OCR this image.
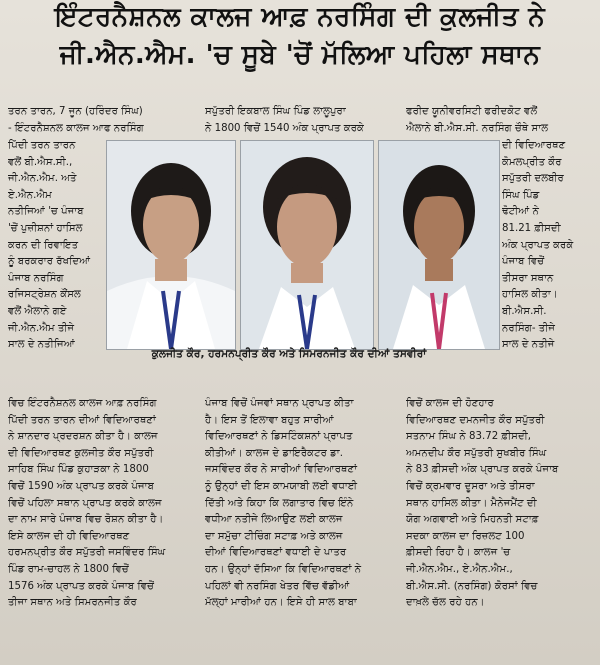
ਇੰਟਰਨੈਸ਼ਨਲ ਕਾਲਜ ਆਫ਼ ਨਰਸਿੰਗ ਦੀ ਕੁਲਜੀਤ ਨੇ
ਜੀ.ਐਨ.ਐਮ. 'ਚ ਸੂਬੇ 'ਚੋਂ ਮੱਲਿਆ ਪਹਿਲਾ ਸਥਾਨ
ਤਰਨ ਤਾਰਨ, 7 ਜੂਨ (ਹਰਿੰਦਰ ਸਿੰਘ)
- ਇੰਟਰਨੈਸ਼ਨਲ ਕਾਲਜ ਆਫ ਨਰਸਿੰਗ
ਸਪੁੱਤਰੀ ਇਕਬਾਲ ਸਿੰਘ ਪਿੰਡ ਲਾਲੂਪੁਰਾ
ਨੇ 1800 ਵਿਚੋਂ 1540 ਅੰਕ ਪ੍ਰਾਪਤ ਕਰਕੇ
ਫਰੀਦ ਯੂਨੀਵਰਸਿਟੀ ਫਰੀਦਕੋਟ ਵਲੋਂ
ਐਲਾਨੇ ਬੀ.ਐਸ.ਸੀ. ਨਰਸਿੰਗ ਚੌਥੇ ਸਾਲ
ਪਿੱਦੀ ਤਰਨ ਤਾਰਨ
ਵਲੋਂ ਬੀ.ਐਸ.ਸੀ.,
ਜੀ.ਐਨ.ਐਮ. ਅਤੇ
ਏ.ਐਨ.ਐਮ
ਨਤੀਜਿਆਂ 'ਚ ਪੰਜਾਬ
'ਚੋਂ ਪੁਜ਼ੀਸ਼ਨਾਂ ਹਾਸਿਲ
ਕਰਨ ਦੀ ਰਿਵਾਇਤ
ਨੂੰ ਬਰਕਰਾਰ ਰੱਖਦਿਆਂ
ਪੰਜਾਬ ਨਰਸਿੰਗ
ਰਜਿਸਟ੍ਰੇਸ਼ਨ ਕੌਂਸਲ
ਵਲੋਂ ਐਲਾਨੇ ਗਏ
ਜੀ.ਐਨ.ਐਮ ਤੀਜੇ
ਸਾਲ ਦੇ ਨਤੀਜਿਆਂ
ਦੀ ਵਿਦਿਆਰਥਣ
ਕੋਮਲਪ੍ਰੀਤ ਕੌਰ
ਸਪੁੱਤਰੀ ਦਲਬੀਰ
ਸਿੰਘ ਪਿੰਡ
ਢੋਟੀਆਂ ਨੇ
81.21 ਫ਼ੀਸਦੀ
ਅੰਕ ਪ੍ਰਾਪਤ ਕਰਕੇ
ਪੰਜਾਬ ਵਿਚੋਂ
ਤੀਸਰਾ ਸਥਾਨ
ਹਾਸਿਲ ਕੀਤਾ।
ਬੀ.ਐਸ.ਸੀ.
ਨਰਸਿੰਗ- ਤੀਜੇ
ਸਾਲ ਦੇ ਨਤੀਜੇ
ਕੁਲਜੀਤ ਕੌਰ, ਹਰਮਨਪ੍ਰੀਤ ਕੌਰ ਅਤੇ ਸਿਮਰਨਜੀਤ ਕੌਰ ਦੀਆਂ ਤਸਵੀਰਾਂ
ਵਿਚ ਇੰਟਰਨੈਸ਼ਨਲ ਕਾਲਜ ਆਫ਼ ਨਰਸਿੰਗ
ਪਿੱਦੀ ਤਰਨ ਤਾਰਨ ਦੀਆਂ ਵਿਦਿਆਰਥਣਾਂ
ਨੇ ਸ਼ਾਨਦਾਰ ਪ੍ਰਦਰਸ਼ਨ ਕੀਤਾ ਹੈ। ਕਾਲਜ
ਦੀ ਵਿਦਿਆਰਥਣ ਕੁਲਜੀਤ ਕੌਰ ਸਪੁੱਤਰੀ
ਸਾਹਿਬ ਸਿੰਘ ਪਿੰਡ ਕੁਹਾੜਕਾ ਨੇ 1800
ਵਿਚੋਂ 1590 ਅੰਕ ਪ੍ਰਾਪਤ ਕਰਕੇ ਪੰਜਾਬ
ਵਿਚੋਂ ਪਹਿਲਾ ਸਥਾਨ ਪ੍ਰਾਪਤ ਕਰਕੇ ਕਾਲਜ
ਦਾ ਨਾਮ ਸਾਰੇ ਪੰਜਾਬ ਵਿਚ ਰੋਸ਼ਨ ਕੀਤਾ ਹੈ।
ਇਸੇ ਕਾਲਜ ਦੀ ਹੀ ਵਿਦਿਆਰਥਣ
ਹਰਮਨਪ੍ਰੀਤ ਕੌਰ ਸਪੁੱਤਰੀ ਜਸਵਿੰਦਰ ਸਿੰਘ
ਪਿੰਡ ਰਾਮ-ਚਾਹਲ ਨੇ 1800 ਵਿਚੋਂ
1576 ਅੰਕ ਪ੍ਰਾਪਤ ਕਰਕੇ ਪੰਜਾਬ ਵਿਚੋਂ
ਤੀਜਾ ਸਥਾਨ ਅਤੇ ਸਿਮਰਨਜੀਤ ਕੌਰ
ਪੰਜਾਬ ਵਿਚੋਂ ਪੰਜਵਾਂ ਸਥਾਨ ਪ੍ਰਾਪਤ ਕੀਤਾ
ਹੈ। ਇਸ ਤੋਂ ਇਲਾਵਾ ਬਹੁਤ ਸਾਰੀਆਂ
ਵਿਦਿਆਰਥਣਾਂ ਨੇ ਡਿਸਟਿੰਕਸ਼ਨਾਂ ਪ੍ਰਾਪਤ
ਕੀਤੀਆਂ। ਕਾਲਜ ਦੇ ਡਾਇਰੈਕਟਰ ਡਾ.
ਜਸਵਿੰਦਰ ਕੌਰ ਨੇ ਸਾਰੀਆਂ ਵਿਦਿਆਰਥਣਾਂ
ਨੂੰ ਉਨ੍ਹਾਂ ਦੀ ਇਸ ਕਾਮਯਾਬੀ ਲਈ ਵਧਾਈ
ਦਿੱਤੀ ਅਤੇ ਕਿਹਾ ਕਿ ਲਗਾਤਾਰ ਵਿਚ ਇੰਨੇ
ਵਧੀਆ ਨਤੀਜੇ ਲਿਆਉਣ ਲਈ ਕਾਲਜ
ਦਾ ਸਮੁੱਚਾ ਟੀਚਿੰਗ ਸਟਾਫ਼ ਅਤੇ ਕਾਲਜ
ਦੀਆਂ ਵਿਦਿਆਰਥਣਾਂ ਵਧਾਈ ਦੇ ਪਾਤਰ
ਹਨ। ਉਨ੍ਹਾਂ ਦੱਸਿਆ ਕਿ ਵਿਦਿਆਰਥਣਾਂ ਨੇ
ਪਹਿਲਾਂ ਵੀ ਨਰਸਿੰਗ ਖੇਤਰ ਵਿੱਚ ਵੱਡੀਆਂ
ਮੱਲ੍ਹਾਂ ਮਾਰੀਆਂ ਹਨ। ਇਸੇ ਹੀ ਸਾਲ ਬਾਬਾ
ਵਿਚੋਂ ਕਾਲਜ ਦੀ ਹੋਣਹਾਰ
ਵਿਦਿਆਰਥਣ ਦਮਨਜੀਤ ਕੌਰ ਸਪੁੱਤਰੀ
ਸਤਨਾਮ ਸਿੰਘ ਨੇ 83.72 ਫ਼ੀਸਦੀ,
ਅਮਨਦੀਪ ਕੌਰ ਸਪੁੱਤਰੀ ਸੁਖਬੀਰ ਸਿੰਘ
ਨੇ 83 ਫ਼ੀਸਦੀ ਅੰਕ ਪ੍ਰਾਪਤ ਕਰਕੇ ਪੰਜਾਬ
ਵਿਚੋਂ ਕ੍ਰਮਵਾਰ ਦੂਸਰਾ ਅਤੇ ਤੀਸਰਾ
ਸਥਾਨ ਹਾਸਿਲ ਕੀਤਾ। ਮੈਨੇਜਮੈਂਟ ਦੀ
ਯੋਗ ਅਗਵਾਈ ਅਤੇ ਮਿਹਨਤੀ ਸਟਾਫ਼
ਸਦਕਾ ਕਾਲਜ ਦਾ ਰਿਜ਼ਲਟ 100
ਫ਼ੀਸਦੀ ਰਿਹਾ ਹੈ। ਕਾਲਜ 'ਚ
ਜੀ.ਐਨ.ਐਮ., ਏ.ਐਨ.ਐਮ.,
ਬੀ.ਐਸ.ਸੀ. (ਨਰਸਿੰਗ) ਕੋਰਸਾਂ ਵਿਚ
ਦਾਖ਼ਲੇ ਚੱਲ ਰਹੇ ਹਨ।
